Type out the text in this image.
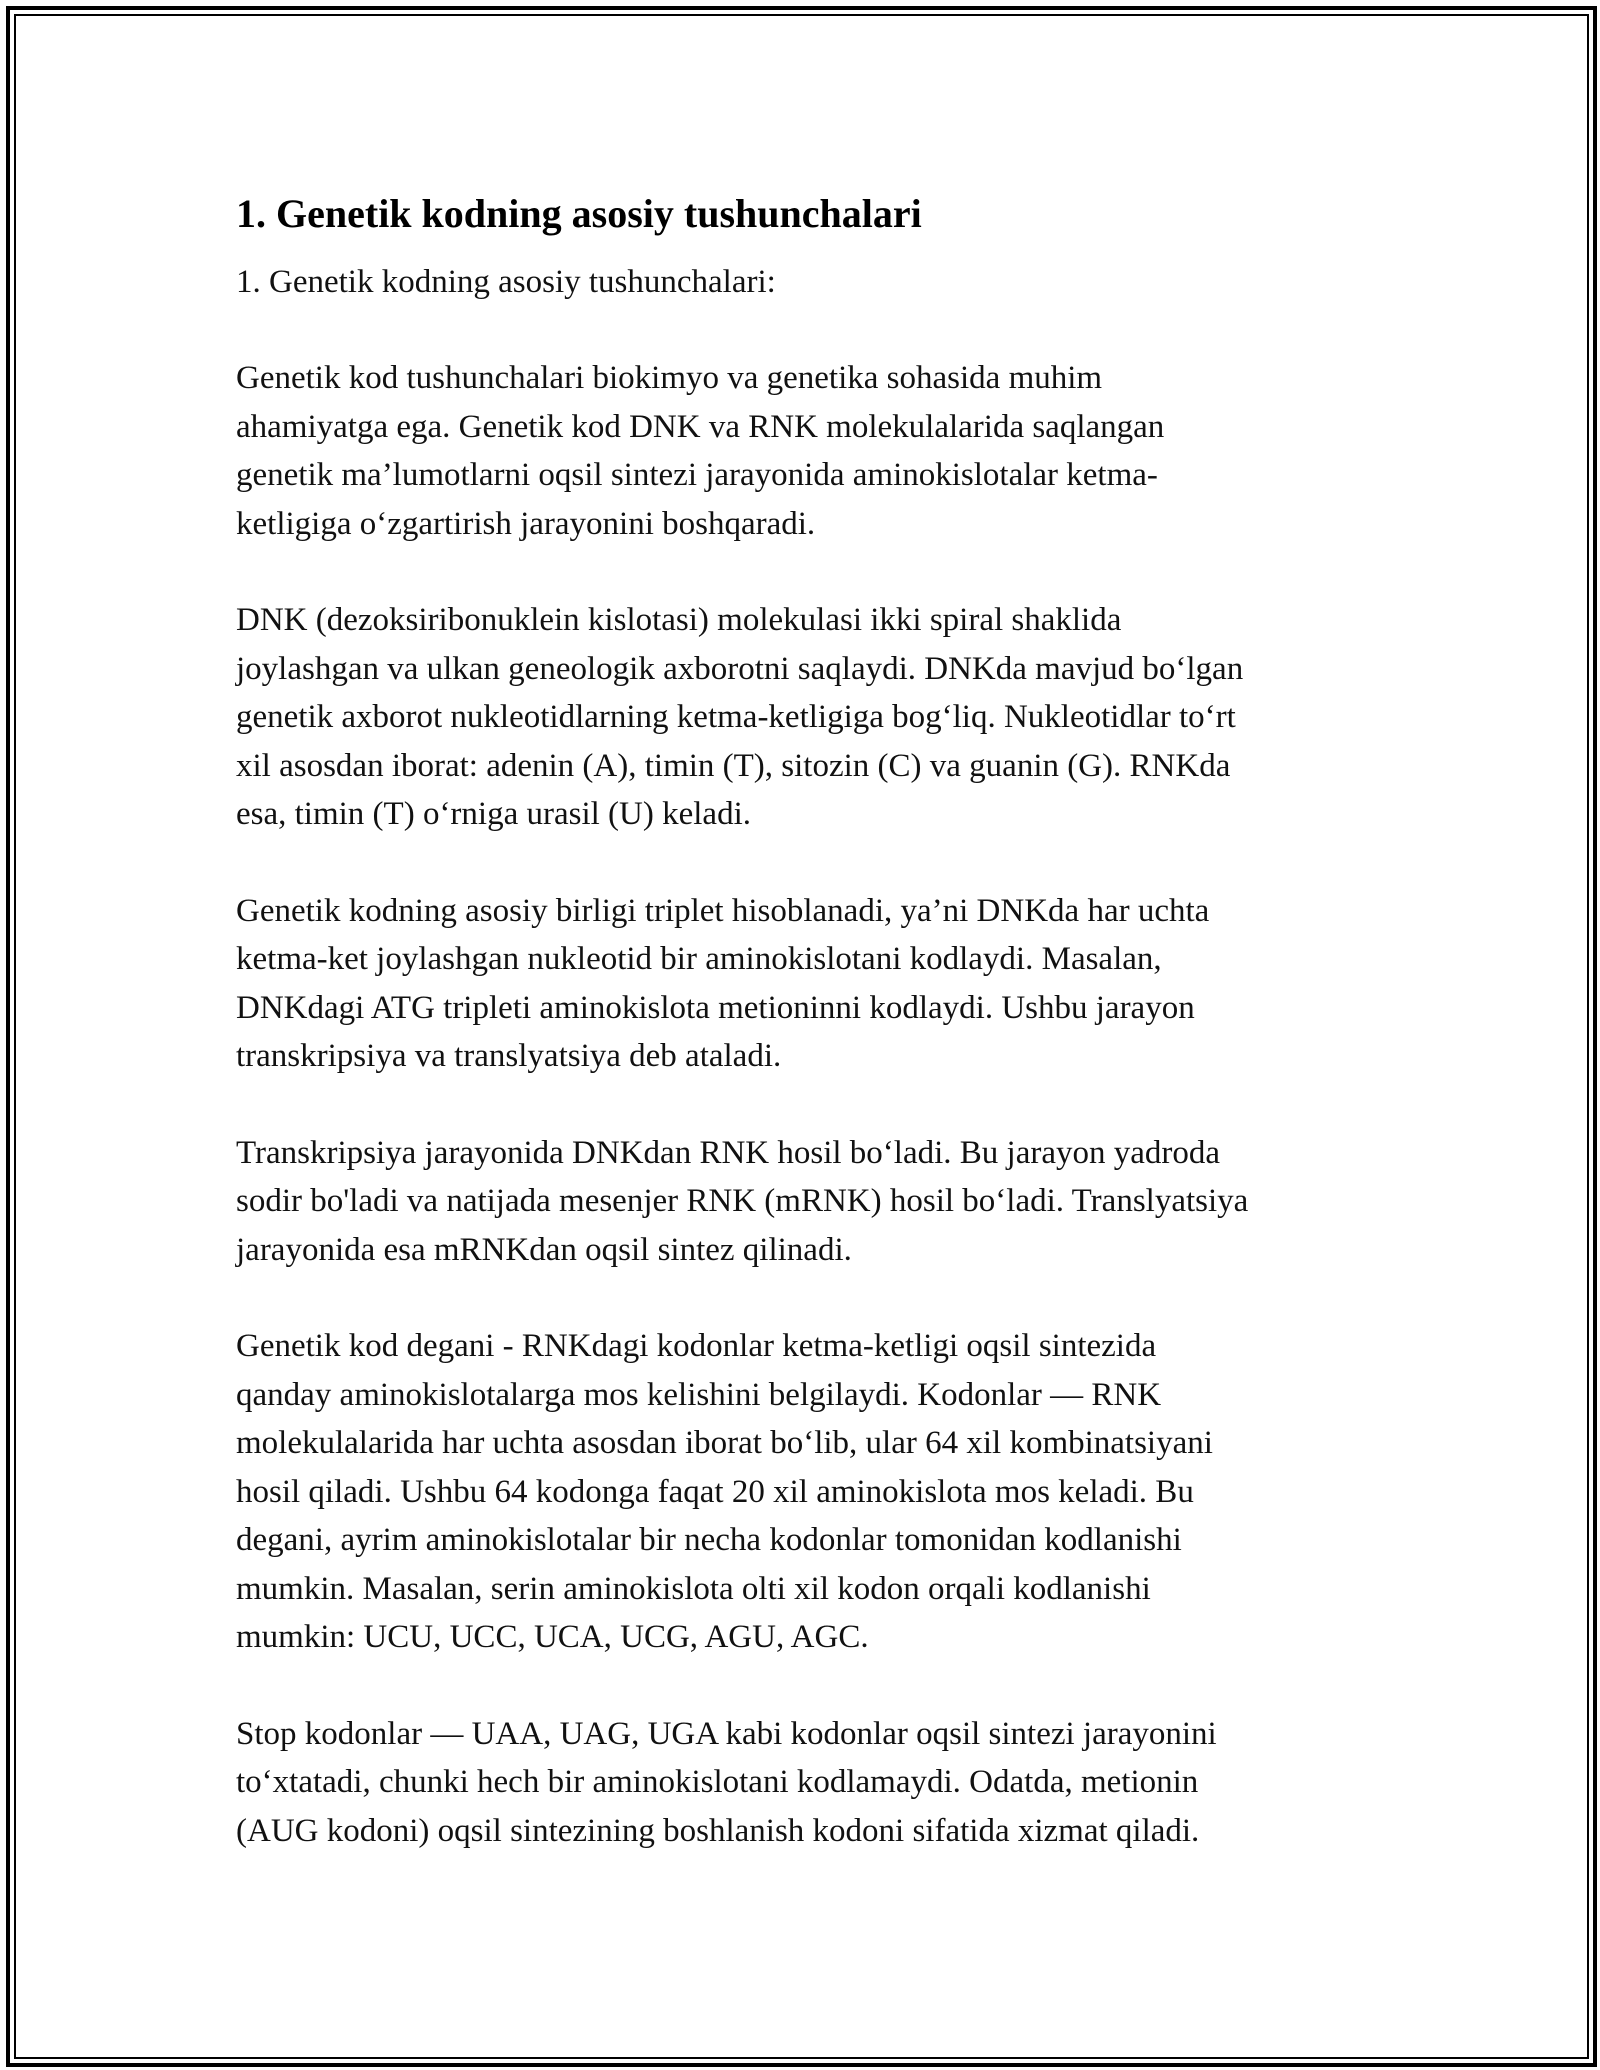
1. Genetik kodning asosiy tushunchalari
1. Genetik kodning asosiy tushunchalari:
Genetik kod tushunchalari biokimyo va genetika sohasida muhim
ahamiyatga ega. Genetik kod DNK va RNK molekulalarida saqlangan
genetik ma’lumotlarni oqsil sintezi jarayonida aminokislotalar ketma-
ketligiga o‘zgartirish jarayonini boshqaradi.
DNK (dezoksiribonuklein kislotasi) molekulasi ikki spiral shaklida
joylashgan va ulkan geneologik axborotni saqlaydi. DNKda mavjud bo‘lgan
genetik axborot nukleotidlarning ketma-ketligiga bog‘liq. Nukleotidlar to‘rt
xil asosdan iborat: adenin (A), timin (T), sitozin (C) va guanin (G). RNKda
esa, timin (T) o‘rniga urasil (U) keladi.
Genetik kodning asosiy birligi triplet hisoblanadi, ya’ni DNKda har uchta
ketma-ket joylashgan nukleotid bir aminokislotani kodlaydi. Masalan,
DNKdagi ATG tripleti aminokislota metioninni kodlaydi. Ushbu jarayon
transkripsiya va translyatsiya deb ataladi.
Transkripsiya jarayonida DNKdan RNK hosil bo‘ladi. Bu jarayon yadroda
sodir bo'ladi va natijada mesenjer RNK (mRNK) hosil bo‘ladi. Translyatsiya
jarayonida esa mRNKdan oqsil sintez qilinadi.
Genetik kod degani - RNKdagi kodonlar ketma-ketligi oqsil sintezida
qanday aminokislotalarga mos kelishini belgilaydi. Kodonlar — RNK
molekulalarida har uchta asosdan iborat bo‘lib, ular 64 xil kombinatsiyani
hosil qiladi. Ushbu 64 kodonga faqat 20 xil aminokislota mos keladi. Bu
degani, ayrim aminokislotalar bir necha kodonlar tomonidan kodlanishi
mumkin. Masalan, serin aminokislota olti xil kodon orqali kodlanishi
mumkin: UCU, UCC, UCA, UCG, AGU, AGC.
Stop kodonlar — UAA, UAG, UGA kabi kodonlar oqsil sintezi jarayonini
to‘xtatadi, chunki hech bir aminokislotani kodlamaydi. Odatda, metionin
(AUG kodoni) oqsil sintezining boshlanish kodoni sifatida xizmat qiladi.
